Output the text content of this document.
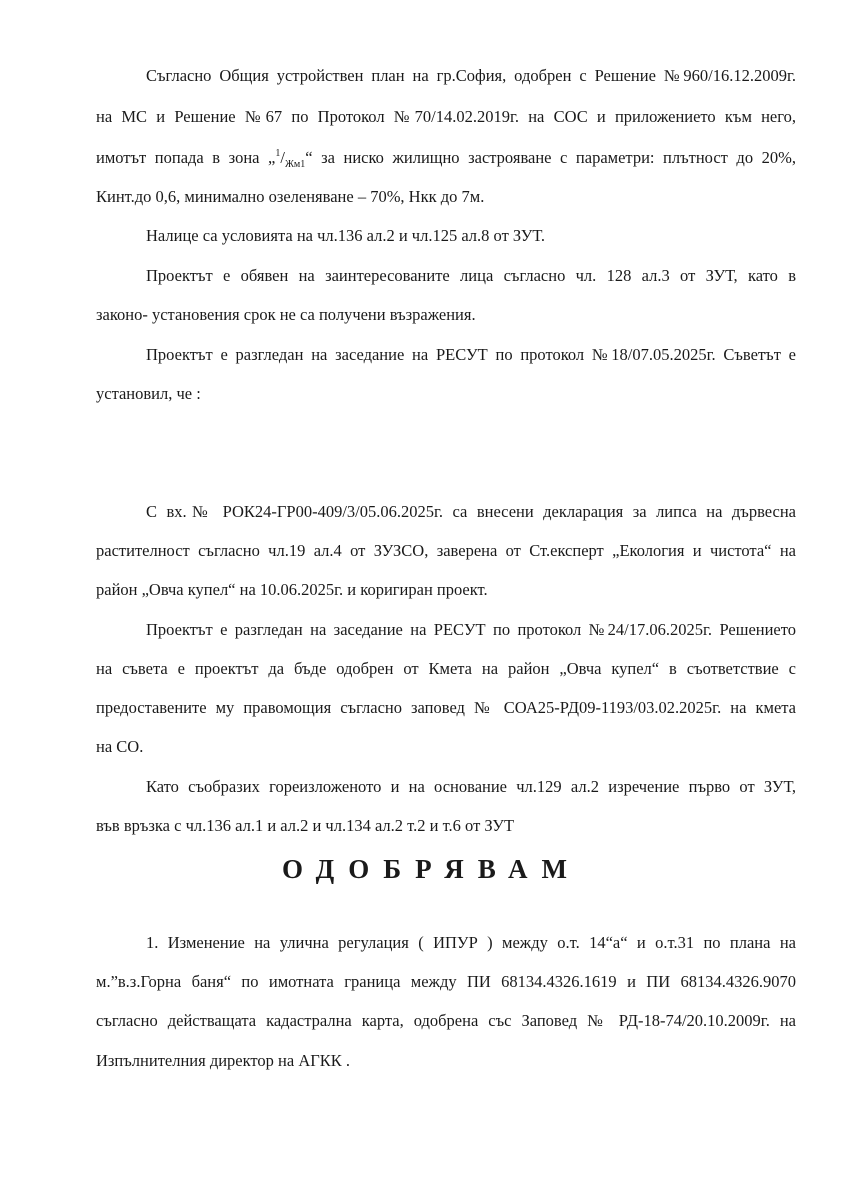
Съгласно Общия устройствен план на гр.София, одобрен с Решение №960/16.12.2009г.
на МС и Решение №67 по Протокол №70/14.02.2019г. на СОС и приложението към него,
имотът попада в зона $„^1/_{Жм1}“$ за ниско жилищно застрояване с параметри: плътност до 20%,
Кинт.до 0,6, минимално озеленяване – 70%, Нкк до 7м.
Налице са условията на чл.136 ал.2 и чл.125 ал.8 от ЗУТ.
Проектът е обявен на заинтересованите лица съгласно чл. 128 ал.3 от ЗУТ, като в
законо- установения срок не са получени възражения.
Проектът е разгледан на заседание на РЕСУТ по протокол №18/07.05.2025г. Съветът е
установил, че :
С вх.№ РОК24-ГР00-409/3/05.06.2025г. са внесени декларация за липса на дървесна
растителност съгласно чл.19 ал.4 от ЗУЗСО, заверена от Ст.експерт „Екология и чистота“ на
район „Овча купел“ на 10.06.2025г. и коригиран проект.
Проектът е разгледан на заседание на РЕСУТ по протокол №24/17.06.2025г. Решението
на съвета е проектът да бъде одобрен от Кмета на район „Овча купел“ в съответствие с
предоставените му правомощия съгласно заповед № СОА25-РД09-1193/03.02.2025г. на кмета
на СО.
Като съобразих гореизложеното и на основание чл.129 ал.2 изречение първо от ЗУТ,
във връзка с чл.136 ал.1 и ал.2 и чл.134 ал.2 т.2 и т.6 от ЗУТ
ОДОБРЯВАМ
1. Изменение на улична регулация ( ИПУР ) между о.т. 14“а“ и о.т.31 по плана на
м.”в.з.Горна баня“ по имотната граница между ПИ 68134.4326.1619 и ПИ 68134.4326.9070
съгласно действащата кадастрална карта, одобрена със Заповед № РД-18-74/20.10.2009г. на
Изпълнителния директор на АГКК .
